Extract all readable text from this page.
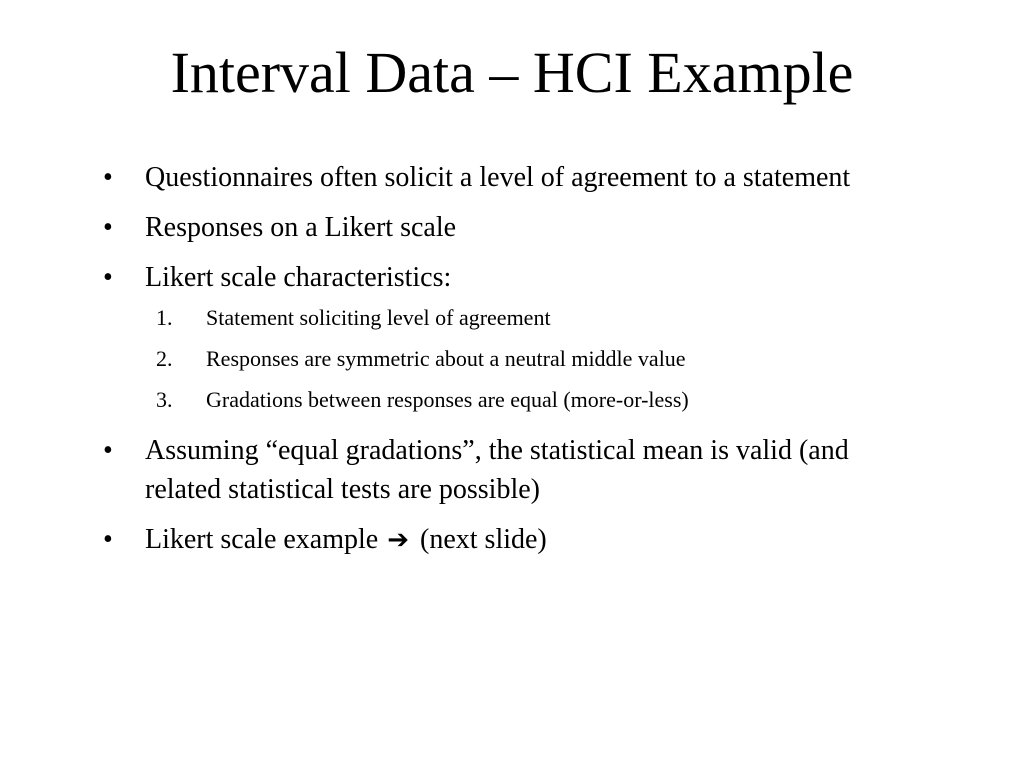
Interval Data – HCI Example
•	Questionnaires often solicit a level of agreement to a statement
•	Responses on a Likert scale
•	Likert scale characteristics:
1. Statement soliciting level of agreement
2. Responses are symmetric about a neutral middle value
3. Gradations between responses are equal (more-or-less)
•	Assuming “equal gradations”, the statistical mean is valid (and related statistical tests are possible)
•	Likert scale example ➔ (next slide)
